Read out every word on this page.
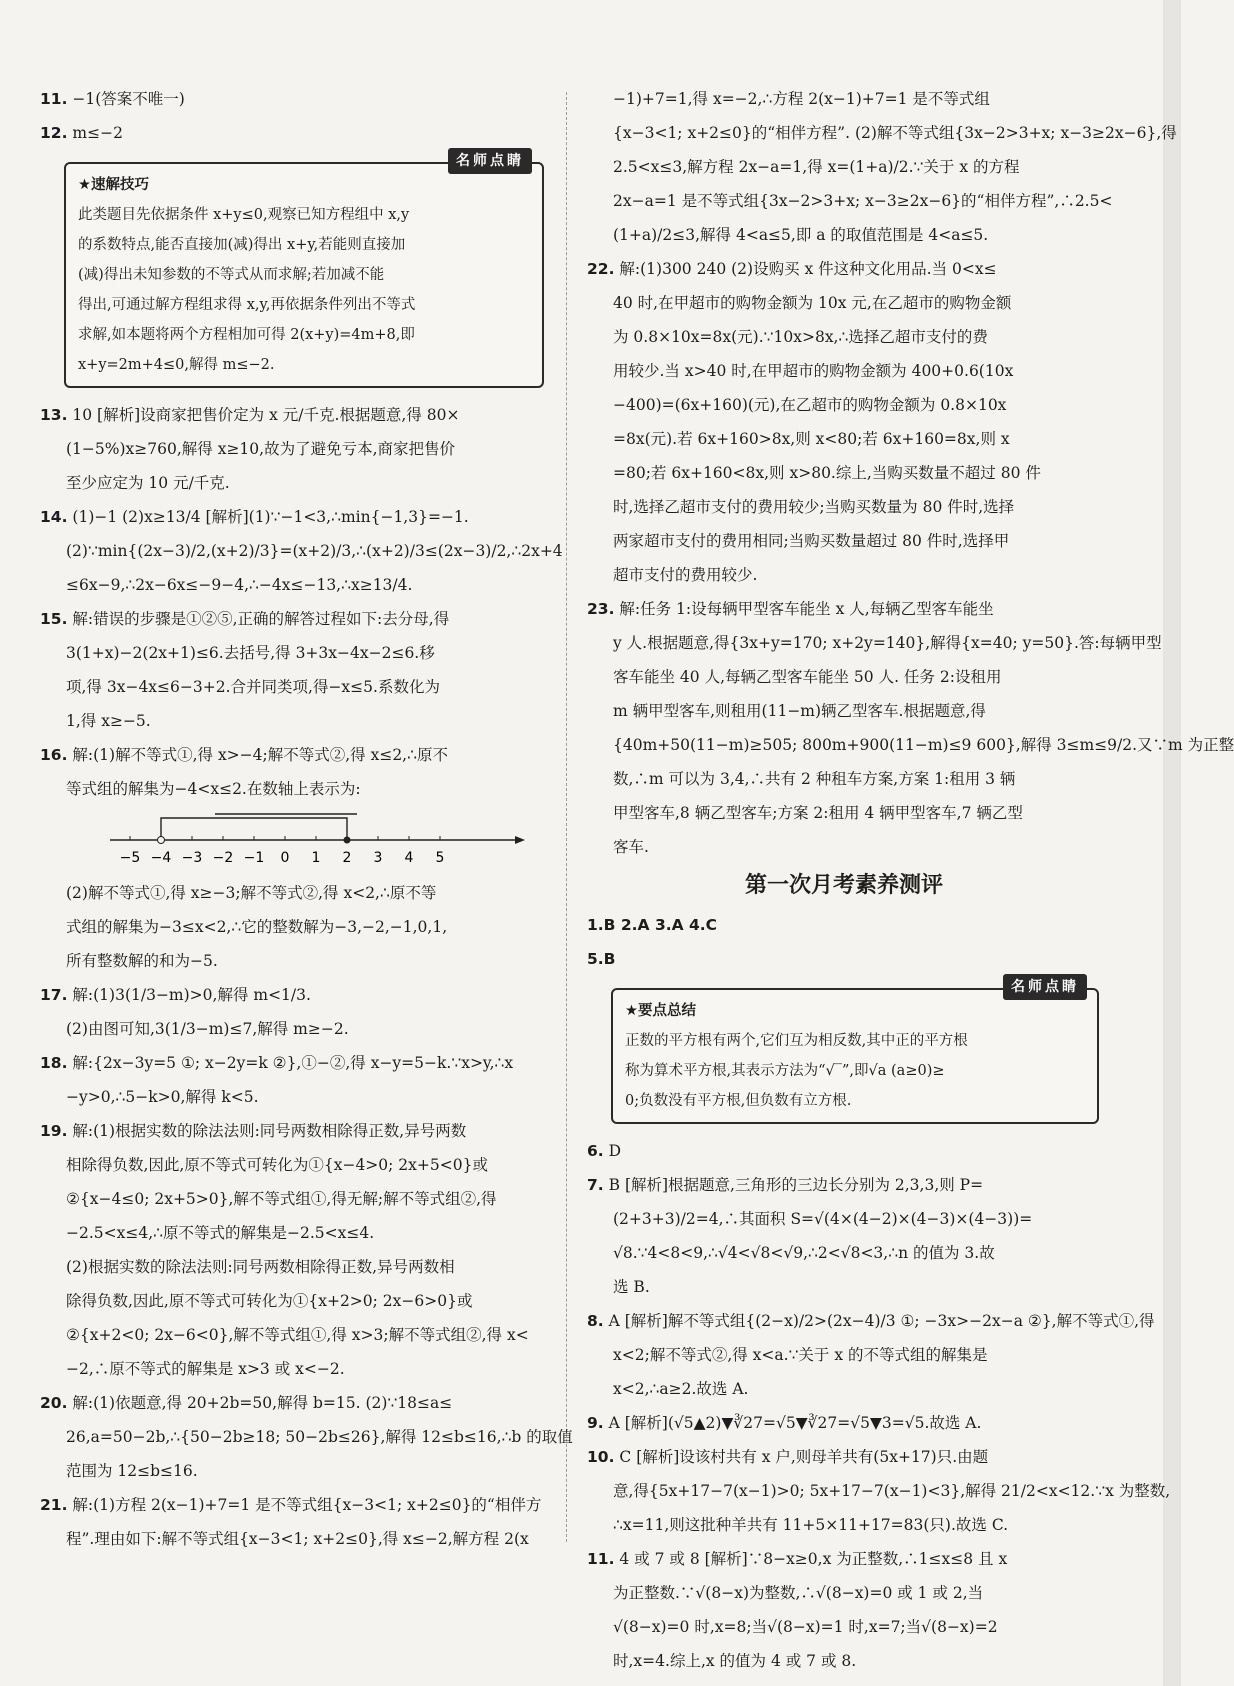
11. −1(答案不唯一)
12. m≤−2
名师点睛
★速解技巧
此类题目先依据条件 x+y≤0,观察已知方程组中 x,y
的系数特点,能否直接加(减)得出 x+y,若能则直接加
(减)得出未知参数的不等式从而求解;若加减不能
得出,可通过解方程组求得 x,y,再依据条件列出不等式
求解,如本题将两个方程相加可得 2(x+y)=4m+8,即
x+y=2m+4≤0,解得 m≤−2.
13. 10 [解析]设商家把售价定为 x 元/千克.根据题意,得 80×
(1−5%)x≥760,解得 x≥10,故为了避免亏本,商家把售价
至少应定为 10 元/千克.
14. (1)−1 (2)x≥13/4 [解析](1)∵−1<3,∴min{−1,3}=−1.
(2)∵min{(2x−3)/2,(x+2)/3}=(x+2)/3,∴(x+2)/3≤(2x−3)/2,∴2x+4
≤6x−9,∴2x−6x≤−9−4,∴−4x≤−13,∴x≥13/4.
15. 解:错误的步骤是①②⑤,正确的解答过程如下:去分母,得
3(1+x)−2(2x+1)≤6.去括号,得 3+3x−4x−2≤6.移
项,得 3x−4x≤6−3+2.合并同类项,得−x≤5.系数化为
1,得 x≥−5.
16. 解:(1)解不等式①,得 x>−4;解不等式②,得 x≤2,∴原不
等式组的解集为−4<x≤2.在数轴上表示为:
−5 −4 −3 −2 −1 0 1 2 3 4 5
(2)解不等式①,得 x≥−3;解不等式②,得 x<2,∴原不等
式组的解集为−3≤x<2,∴它的整数解为−3,−2,−1,0,1,
所有整数解的和为−5.
17. 解:(1)3(1/3−m)>0,解得 m<1/3.
(2)由图可知,3(1/3−m)≤7,解得 m≥−2.
18. 解:{2x−3y=5 ①; x−2y=k ②},①−②,得 x−y=5−k.∵x>y,∴x
−y>0,∴5−k>0,解得 k<5.
19. 解:(1)根据实数的除法法则:同号两数相除得正数,异号两数
相除得负数,因此,原不等式可转化为①{x−4>0; 2x+5<0}或
②{x−4≤0; 2x+5>0},解不等式组①,得无解;解不等式组②,得
−2.5<x≤4,∴原不等式的解集是−2.5<x≤4.
(2)根据实数的除法法则:同号两数相除得正数,异号两数相
除得负数,因此,原不等式可转化为①{x+2>0; 2x−6>0}或
②{x+2<0; 2x−6<0},解不等式组①,得 x>3;解不等式组②,得 x<
−2,∴原不等式的解集是 x>3 或 x<−2.
20. 解:(1)依题意,得 20+2b=50,解得 b=15. (2)∵18≤a≤
26,a=50−2b,∴{50−2b≥18; 50−2b≤26},解得 12≤b≤16,∴b 的取值
范围为 12≤b≤16.
21. 解:(1)方程 2(x−1)+7=1 是不等式组{x−3<1; x+2≤0}的“相伴方
程”.理由如下:解不等式组{x−3<1; x+2≤0},得 x≤−2,解方程 2(x
−1)+7=1,得 x=−2,∴方程 2(x−1)+7=1 是不等式组
{x−3<1; x+2≤0}的“相伴方程”. (2)解不等式组{3x−2>3+x; x−3≥2x−6},得
2.5<x≤3,解方程 2x−a=1,得 x=(1+a)/2.∵关于 x 的方程
2x−a=1 是不等式组{3x−2>3+x; x−3≥2x−6}的“相伴方程”,∴2.5<
(1+a)/2≤3,解得 4<a≤5,即 a 的取值范围是 4<a≤5.
22. 解:(1)300 240 (2)设购买 x 件这种文化用品.当 0<x≤
40 时,在甲超市的购物金额为 10x 元,在乙超市的购物金额
为 0.8×10x=8x(元).∵10x>8x,∴选择乙超市支付的费
用较少.当 x>40 时,在甲超市的购物金额为 400+0.6(10x
−400)=(6x+160)(元),在乙超市的购物金额为 0.8×10x
=8x(元).若 6x+160>8x,则 x<80;若 6x+160=8x,则 x
=80;若 6x+160<8x,则 x>80.综上,当购买数量不超过 80 件
时,选择乙超市支付的费用较少;当购买数量为 80 件时,选择
两家超市支付的费用相同;当购买数量超过 80 件时,选择甲
超市支付的费用较少.
23. 解:任务 1:设每辆甲型客车能坐 x 人,每辆乙型客车能坐
y 人.根据题意,得{3x+y=170; x+2y=140},解得{x=40; y=50}.答:每辆甲型
客车能坐 40 人,每辆乙型客车能坐 50 人. 任务 2:设租用
m 辆甲型客车,则租用(11−m)辆乙型客车.根据题意,得
{40m+50(11−m)≥505; 800m+900(11−m)≤9 600},解得 3≤m≤9/2.又∵m 为正整
数,∴m 可以为 3,4,∴共有 2 种租车方案,方案 1:租用 3 辆
甲型客车,8 辆乙型客车;方案 2:租用 4 辆甲型客车,7 辆乙型
客车.
第一次月考素养测评
1.B 2.A 3.A 4.C
5.B
名师点睛
★要点总结
正数的平方根有两个,它们互为相反数,其中正的平方根
称为算术平方根,其表示方法为“√‾”,即√a (a≥0)≥
0;负数没有平方根,但负数有立方根.
6. D
7. B [解析]根据题意,三角形的三边长分别为 2,3,3,则 P=
(2+3+3)/2=4,∴其面积 S=√(4×(4−2)×(4−3)×(4−3))=
√8.∵4<8<9,∴√4<√8<√9,∴2<√8<3,∴n 的值为 3.故
选 B.
8. A [解析]解不等式组{(2−x)/2>(2x−4)/3 ①; −3x>−2x−a ②},解不等式①,得
x<2;解不等式②,得 x<a.∵关于 x 的不等式组的解集是
x<2,∴a≥2.故选 A.
9. A [解析](√5▲2)▼∛27=√5▼∛27=√5▼3=√5.故选 A.
10. C [解析]设该村共有 x 户,则母羊共有(5x+17)只.由题
意,得{5x+17−7(x−1)>0; 5x+17−7(x−1)<3},解得 21/2<x<12.∵x 为整数,
∴x=11,则这批种羊共有 11+5×11+17=83(只).故选 C.
11. 4 或 7 或 8 [解析]∵8−x≥0,x 为正整数,∴1≤x≤8 且 x
为正整数.∵√(8−x)为整数,∴√(8−x)=0 或 1 或 2,当
√(8−x)=0 时,x=8;当√(8−x)=1 时,x=7;当√(8−x)=2
时,x=4.综上,x 的值为 4 或 7 或 8.
